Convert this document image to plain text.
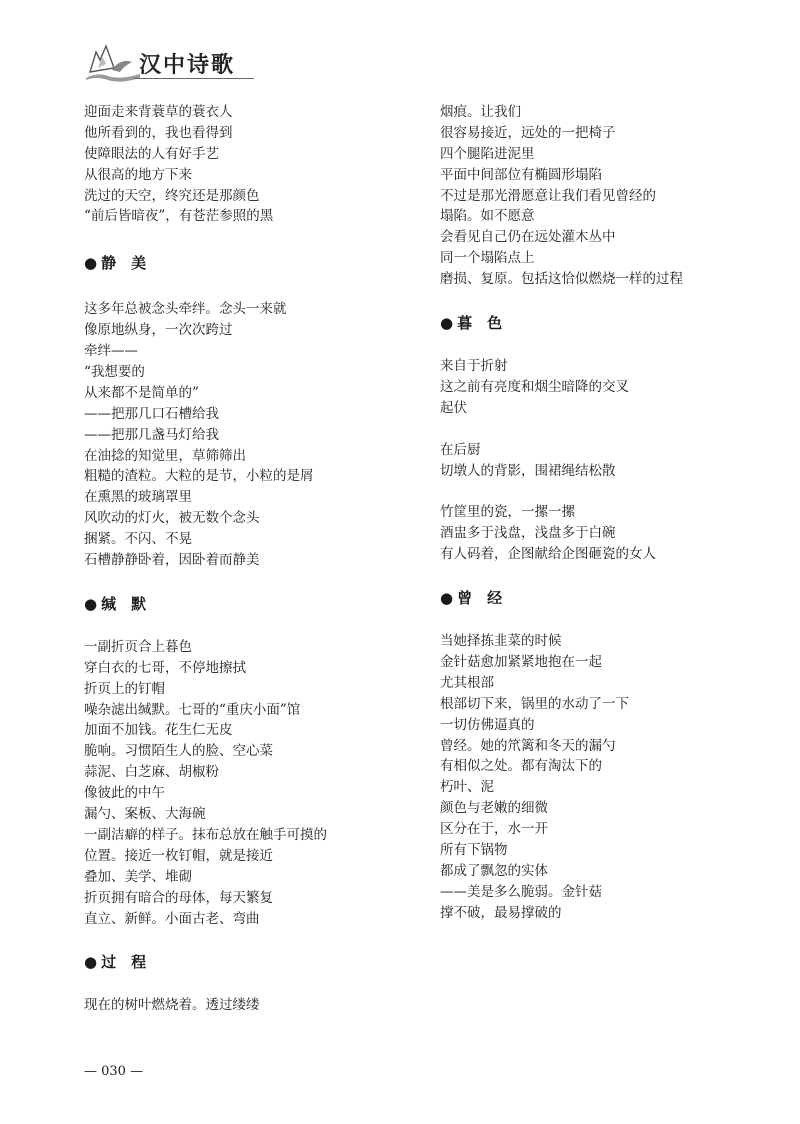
汉中诗歌
迎面走来背蓑草的蓑衣人
他所看到的，我也看得到
使障眼法的人有好手艺
从很高的地方下来
洗过的天空，终究还是那颜色
“前后皆暗夜”，有苍茫参照的黑
● 静　美
这多年总被念头牵绊。念头一来就
像原地纵身，一次次跨过
牵绊——
“我想要的
从来都不是简单的”
——把那几口石槽给我
——把那几盏马灯给我
在油捻的知觉里，草筛筛出
粗糙的渣粒。大粒的是节，小粒的是屑
在熏黑的玻璃罩里
风吹动的灯火，被无数个念头
捆紧。不闪、不晃
石槽静静卧着，因卧着而静美
● 缄　默
一副折页合上暮色
穿白衣的七哥，不停地擦拭
折页上的钉帽
噪杂滤出缄默。七哥的“重庆小面”馆
加面不加钱。花生仁无皮
脆响。习惯陌生人的脸、空心菜
蒜泥、白芝麻、胡椒粉
像彼此的中午
漏勺、案板、大海碗
一副洁癖的样子。抹布总放在触手可摸的
位置。接近一枚钉帽，就是接近
叠加、美学、堆砌
折页拥有暗合的母体，每天繁复
直立、新鲜。小面古老、弯曲
● 过　程
现在的树叶燃烧着。透过缕缕
烟痕。让我们
很容易接近，远处的一把椅子
四个腿陷进泥里
平面中间部位有椭圆形塌陷
不过是那光滑愿意让我们看见曾经的
塌陷。如不愿意
会看见自己仍在远处灌木丛中
同一个塌陷点上
磨损、复原。包括这恰似燃烧一样的过程
● 暮　色
来自于折射
这之前有亮度和烟尘暗降的交叉
起伏
在后厨
切墩人的背影，围裙绳结松散
竹筐里的瓷，一摞一摞
酒盅多于浅盘，浅盘多于白碗
有人码着，企图献给企图砸瓷的女人
● 曾　经
当她择拣韭菜的时候
金针菇愈加紧紧地抱在一起
尤其根部
根部切下来，锅里的水动了一下
一切仿佛逼真的
曾经。她的笊篱和冬天的漏勺
有相似之处。都有淘汰下的
朽叶、泥
颜色与老嫩的细微
区分在于，水一开
所有下锅物
都成了飘忽的实体
——美是多么脆弱。金针菇
撑不破，最易撑破的
— 030 —
